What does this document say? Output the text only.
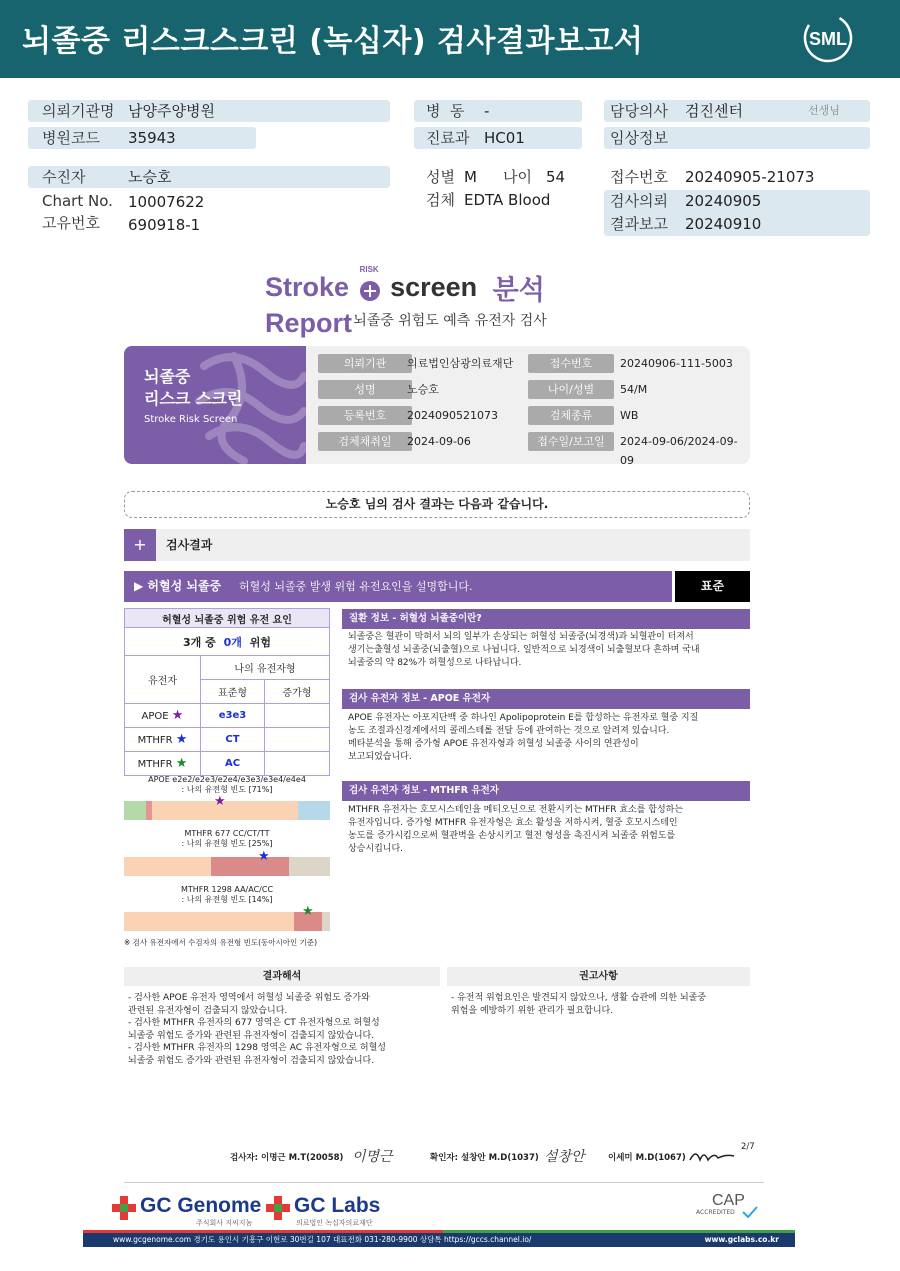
뇌졸중 리스크스크린 (녹십자) 검사결과보고서	SML
의뢰기관명 남양주양병원
병원코드 35943
병  동 -
진료과 HC01
담당의사 검진센터	선생님
임상정보
수진자	노승호
Chart No. 10007622
고유번호 690918-1
성별 M 나이 54
검체 EDTA Blood
접수번호 20240905-21073
검사의뢰 20240905
결과보고 20240910
Stroke
RISK
screen 분석 Report 뇌졸중 위험도 예측 유전자 검사
뇌졸중
리스크 스크린
Stroke Risk Screen
의뢰기관	의료법인삼광의료재단	접수번호	20240906-111-5003
성명	노승호	나이/성별	54/M
등록번호	2024090521073	검체종류	WB
검체채취일	2024-09-06	접수일/보고일	2024-09-06/2024-09-09
노승호 님의 검사 결과는 다음과 같습니다.
+	검사결과
▶ 허혈성 뇌졸중 허혈성 뇌졸중 발생 위험 유전요인을 설명합니다.	표준
허혈성 뇌졸중 위험 유전 요인		
3개 중 0개 위험		
유전자	나의 유전자형	
	표준형	증가형
APOE ★	e3e3	
MTHFR ★	CT	
MTHFR ★	AC	
APOE e2e2/e2e3/e2e4/e3e3/e3e4/e4e4
: 나의 유전형 빈도 [71%]
★
MTHFR 677 CC/CT/TT
: 나의 유전형 빈도 [25%]
★
MTHFR 1298 AA/AC/CC
: 나의 유전형 빈도 [14%]
★
※ 검사 유전자에서 수검자의 유전형 빈도(동아시아인 기준)
질환 정보 - 허혈성 뇌졸중이란?
뇌졸중은 혈관이 막혀서 뇌의 일부가 손상되는 허혈성 뇌졸중(뇌경색)과 뇌혈관이 터져서
생기는출혈성 뇌졸중(뇌출혈)으로 나뉩니다. 일반적으로 뇌경색이 뇌출혈보다 흔하며 국내
뇌졸중의 약 82%가 허혈성으로 나타납니다.
검사 유전자 정보 - APOE 유전자
APOE 유전자는 아포지단백 중 하나인 Apolipoprotein E를 합성하는 유전자로 혈중 지질
농도 조절과신경계에서의 콜레스테롤 전달 등에 관여하는 것으로 알려져 있습니다.
메타분석을 통해 증가형 APOE 유전자형과 허혈성 뇌졸중 사이의 연관성이
보고되었습니다.
검사 유전자 정보 - MTHFR 유전자
MTHFR 유전자는 호모시스테인을 메티오닌으로 전환시키는 MTHFR 효소를 합성하는
유전자입니다. 증가형 MTHFR 유전자형은 효소 활성을 저하시켜, 혈중 호모시스테인
농도를 증가시킴으로써 혈관벽을 손상시키고 혈전 형성을 촉진시켜 뇌졸중 위험도를
상승시킵니다.
결과해석
- 검사한 APOE 유전자 영역에서 허혈성 뇌졸중 위험도 증가와
관련된 유전자형이 검출되지 않았습니다.
- 검사한 MTHFR 유전자의 677 영역은 CT 유전자형으로 허혈성
뇌졸중 위험도 증가와 관련된 유전자형이 검출되지 않았습니다.
- 검사한 MTHFR 유전자의 1298 영역은 AC 유전자형으로 허혈성
뇌졸중 위험도 증가와 관련된 유전자형이 검출되지 않았습니다.
권고사항
- 유전적 위험요인은 발견되지 않았으나, 생활 습관에 의한 뇌졸중
위험을 예방하기 위한 관리가 필요합니다.
검사자: 이명근 M.T(20058) 이명근	확인자: 설창안 M.D(1037) 설창안	이세미 M.D(1067)
2/7
GC Genome
주식회사 지씨지놈
GC Labs
의료법인 녹십자의료재단
CAP
ACCREDITED
www.gcgenome.com 경기도 용인시 기흥구 이현로 30번길 107 대표전화 031-280-9900 상담톡 https://gccs.channel.io/	www.gclabs.co.kr
